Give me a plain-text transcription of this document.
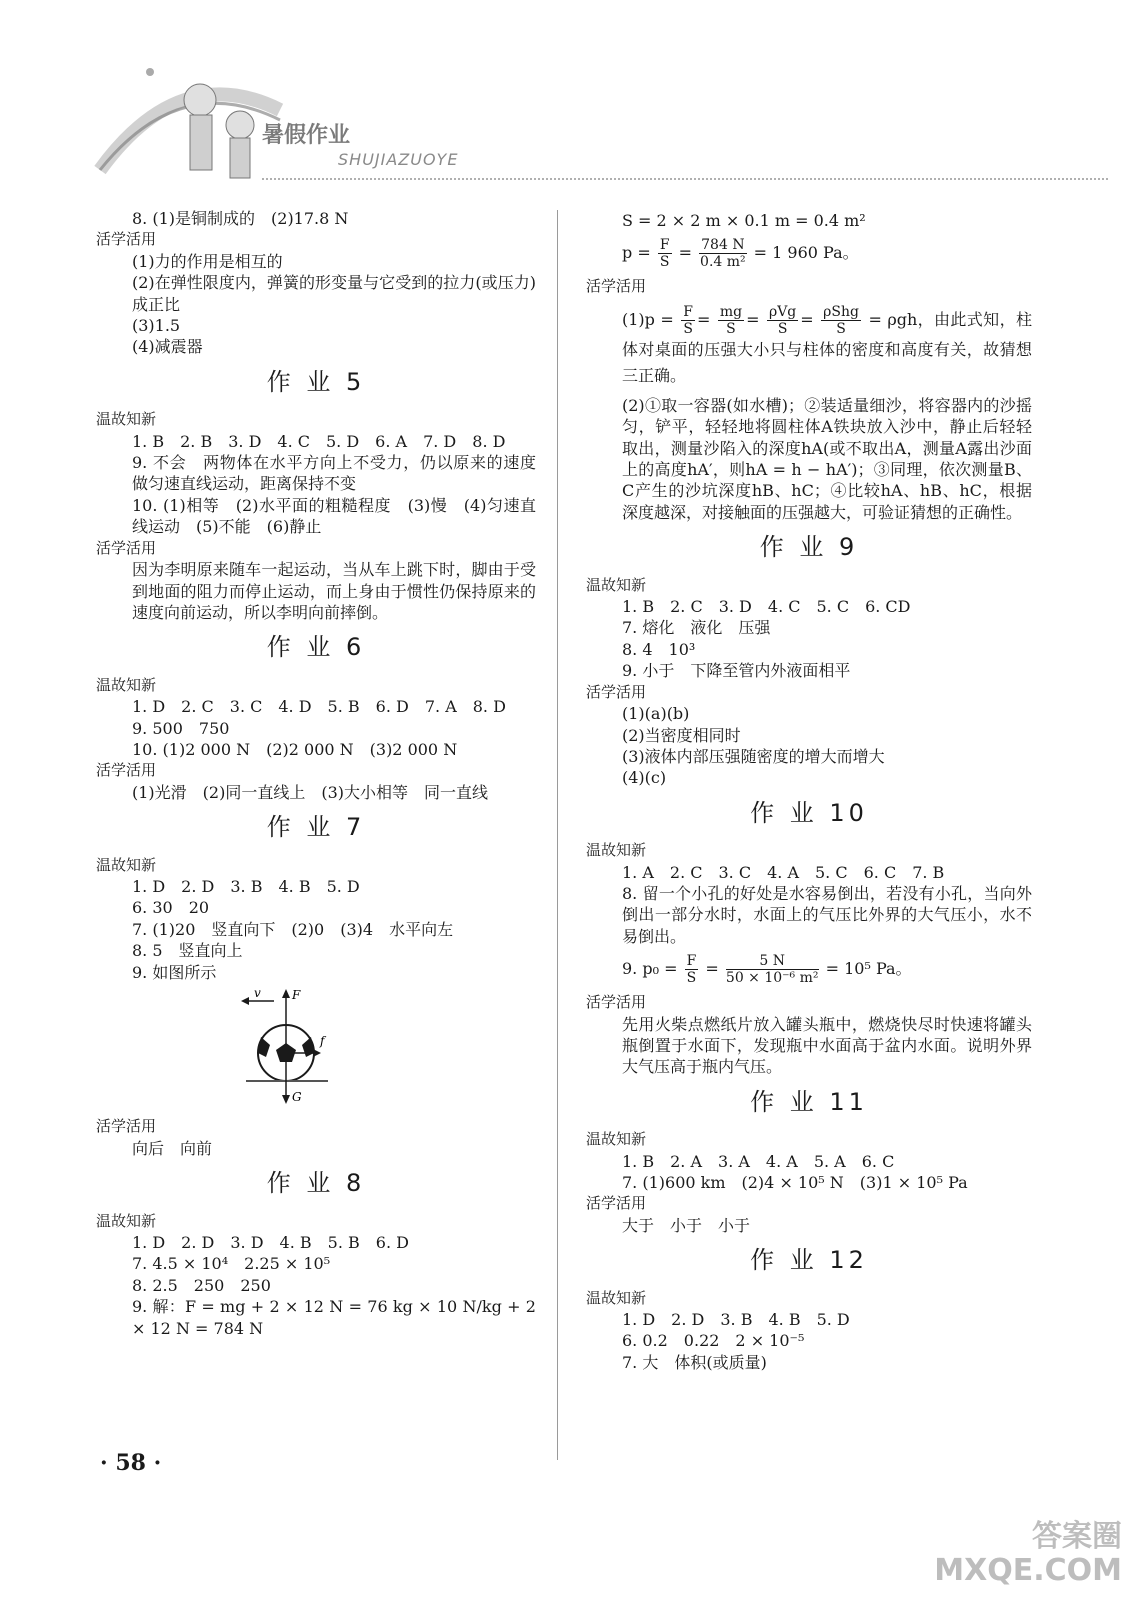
暑假作业
SHUJIAZUOYE
8. (1)是铜制成的　(2)17.8 N
活学活用
(1)力的作用是相互的
(2)在弹性限度内，弹簧的形变量与它受到的拉力(或压力)成正比
(3)1.5
(4)减震器
作 业 5
温故知新
1. B　2. B　3. D　4. C　5. D　6. A　7. D　8. D
9. 不会　两物体在水平方向上不受力，仍以原来的速度做匀速直线运动，距离保持不变
10. (1)相等　(2)水平面的粗糙程度　(3)慢　(4)匀速直线运动　(5)不能　(6)静止
活学活用
因为李明原来随车一起运动，当从车上跳下时，脚由于受到地面的阻力而停止运动，而上身由于惯性仍保持原来的速度向前运动，所以李明向前摔倒。
作 业 6
温故知新
1. D　2. C　3. C　4. D　5. B　6. D　7. A　8. D
9. 500　750
10. (1)2 000 N　(2)2 000 N　(3)2 000 N
活学活用
(1)光滑　(2)同一直线上　(3)大小相等　同一直线
作 业 7
温故知新
1. D　2. D　3. B　4. B　5. D
6. 30　20
7. (1)20　竖直向下　(2)0　(3)4　水平向左
8. 5　竖直向上
9. 如图所示
v	F
f
G
活学活用
向后　向前
作 业 8
温故知新
1. D　2. D　3. D　4. B　5. B　6. D
7. 4.5 × 10⁴　2.25 × 10⁵
8. 2.5　250　250
9. 解：F = mg + 2 × 12 N = 76 kg × 10 N/kg + 2 × 12 N = 784 N
S = 2 × 2 m × 0.1 m = 0.4 m²
$p = \frac{F}{S} = \frac{784 N}{\text{0.4 m²}} = 1$ 960 Pa。
活学活用
$(1)p = \frac{F}{S} = \frac{mg}{S} = \frac{\text{ρVg}}{S} = \frac{\text{ρShg}}{S} = \rho gh$，由此式知，柱体对桌面的压强大小只与柱体的密度和高度有关，故猜想三正确。
(2)①取一容器(如水槽)；②装适量细沙，将容器内的沙摇匀，铲平，轻轻地将圆柱体A铁块放入沙中，静止后轻轻取出，测量沙陷入的深度hA(或不取出A，测量A露出沙面上的高度hA′，则hA = h − hA′)；③同理，依次测量B、C产生的沙坑深度hB、hC；④比较hA、hB、hC，根据深度越深，对接触面的压强越大，可验证猜想的正确性。
作 业 9
温故知新
1. B　2. C　3. D　4. C　5. C　6. CD
7. 熔化　液化　压强
8. 4　10³
9. 小于　下降至管内外液面相平
活学活用
(1)(a)(b)
(2)当密度相同时
(3)液体内部压强随密度的增大而增大
(4)(c)
作 业 10
温故知新
1. A　2. C　3. C　4. A　5. C　6. C　7. B
8. 留一个小孔的好处是水容易倒出，若没有小孔，当向外倒出一部分水时，水面上的气压比外界的大气压小，水不易倒出。
9. $p_0 = \frac{F}{S} = \frac{5 N}{\text{50 × 10⁻⁶ m²}} = 10^5$ Pa。
活学活用
先用火柴点燃纸片放入罐头瓶中，燃烧快尽时快速将罐头瓶倒置于水面下，发现瓶中水面高于盆内水面。说明外界大气压高于瓶内气压。
作 业 11
温故知新
1. B　2. A　3. A　4. A　5. A　6. C
7. (1)600 km　(2)4 × 10⁵ N　(3)1 × 10⁵ Pa
活学活用
大于　小于　小于
作 业 12
温故知新
1. D　2. D　3. B　4. B　5. D
6. 0.2　0.22　2 × 10⁻⁵
7. 大　体积(或质量)
· 58 ·
答案圈
MXQE.COM
